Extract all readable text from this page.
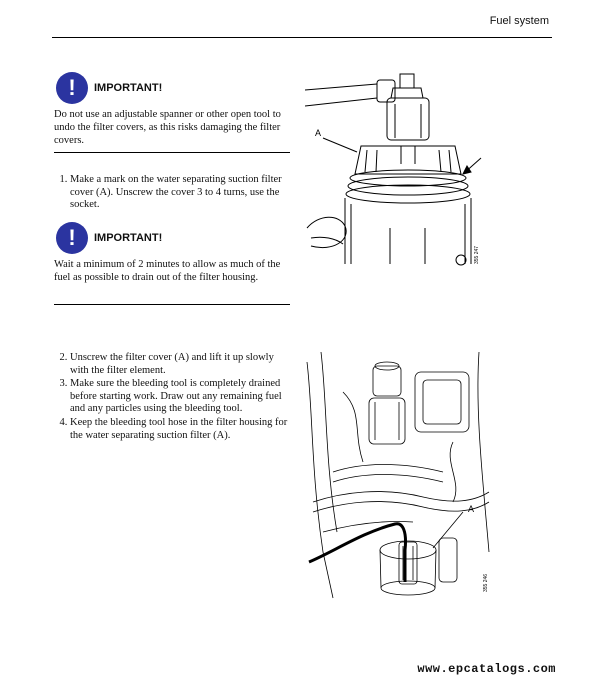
Fuel system
!	IMPORTANT!
Do not use an adjustable spanner or other open tool to undo the filter covers, as this risks damaging the filter covers.
1. Make a mark on the water separating suction filter cover (A). Unscrew the cover 3 to 4 turns, use the socket.
!	IMPORTANT!
Wait a minimum of 2 minutes to allow as much of the fuel as possible to drain out of the filter housing.
2. Unscrew the filter cover (A) and lift it up slowly with the filter element.
3. Make sure the bleeding tool is completely drained before starting work. Draw out any remaining fuel and any particles using the bleeding tool.
4. Keep the bleeding tool hose in the filter housing for the water separating suction filter (A).
A
355 247
A
355 246
www.epcatalogs.com
